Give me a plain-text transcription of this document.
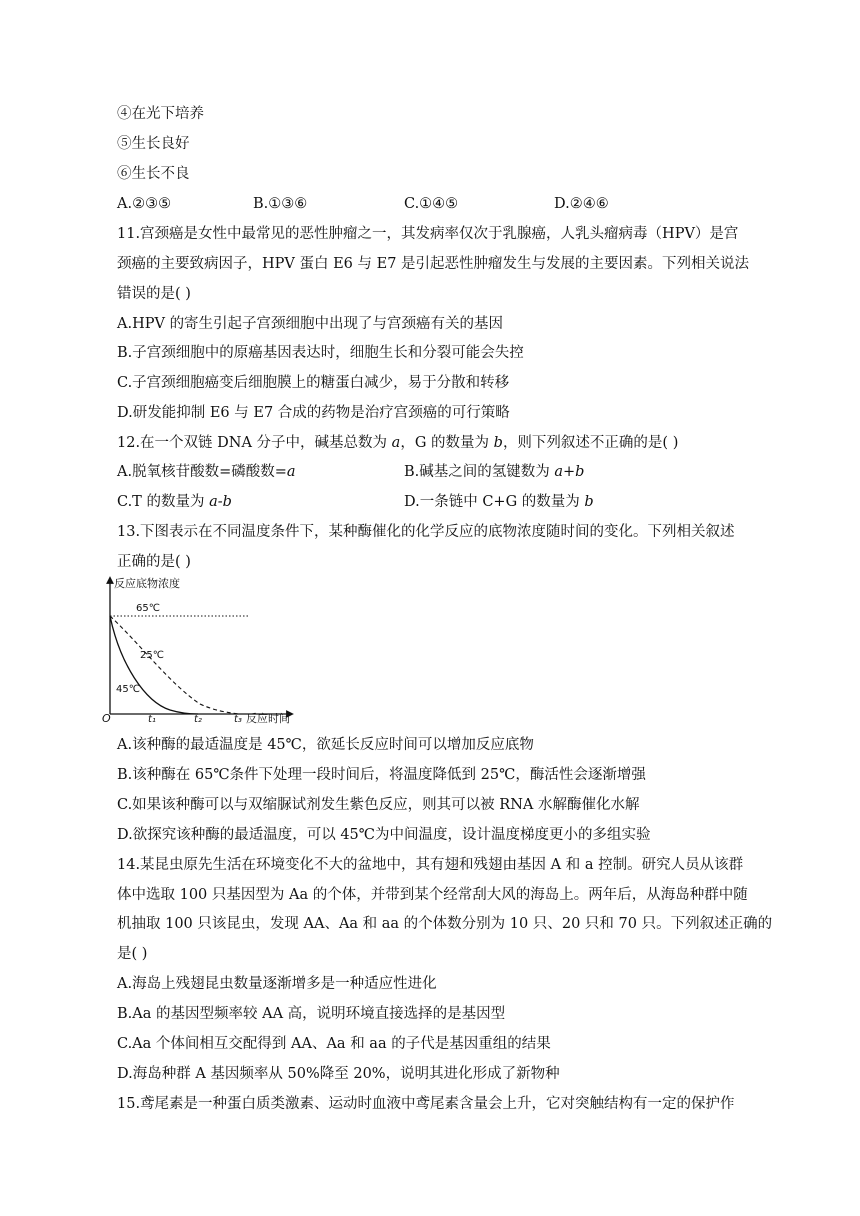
④在光下培养
⑤生长良好
⑥生长不良
A.②③⑤	B.①③⑥	C.①④⑤	D.②④⑥
11.宫颈癌是女性中最常见的恶性肿瘤之一，其发病率仅次于乳腺癌，人乳头瘤病毒（HPV）是宫
颈癌的主要致病因子，HPV 蛋白 E6 与 E7 是引起恶性肿瘤发生与发展的主要因素。下列相关说法
错误的是( )
A.HPV 的寄生引起子宫颈细胞中出现了与宫颈癌有关的基因
B.子宫颈细胞中的原癌基因表达时，细胞生长和分裂可能会失控
C.子宫颈细胞癌变后细胞膜上的糖蛋白减少，易于分散和转移
D.研发能抑制 E6 与 E7 合成的药物是治疗宫颈癌的可行策略
12.在一个双链 DNA 分子中，碱基总数为 a，G 的数量为 b，则下列叙述不正确的是( )
A.脱氧核苷酸数=磷酸数=a	B.碱基之间的氢键数为 a+b
C.T 的数量为 a-b	D.一条链中 C+G 的数量为 b
13.下图表示在不同温度条件下，某种酶催化的化学反应的底物浓度随时间的变化。下列相关叙述
正确的是( )
反应底物浓度
反应时间
O	t₁	t₂	t₃
65℃
25℃
45℃
A.该种酶的最适温度是 45℃，欲延长反应时间可以增加反应底物
B.该种酶在 65℃条件下处理一段时间后，将温度降低到 25℃，酶活性会逐渐增强
C.如果该种酶可以与双缩脲试剂发生紫色反应，则其可以被 RNA 水解酶催化水解
D.欲探究该种酶的最适温度，可以 45℃为中间温度，设计温度梯度更小的多组实验
14.某昆虫原先生活在环境变化不大的盆地中，其有翅和残翅由基因 A 和 a 控制。研究人员从该群
体中选取 100 只基因型为 Aa 的个体，并带到某个经常刮大风的海岛上。两年后，从海岛种群中随
机抽取 100 只该昆虫，发现 AA、Aa 和 aa 的个体数分别为 10 只、20 只和 70 只。下列叙述正确的
是( )
A.海岛上残翅昆虫数量逐渐增多是一种适应性进化
B.Aa 的基因型频率较 AA 高，说明环境直接选择的是基因型
C.Aa 个体间相互交配得到 AA、Aa 和 aa 的子代是基因重组的结果
D.海岛种群 A 基因频率从 50%降至 20%，说明其进化形成了新物种
15.鸢尾素是一种蛋白质类激素、运动时血液中鸢尾素含量会上升，它对突触结构有一定的保护作
